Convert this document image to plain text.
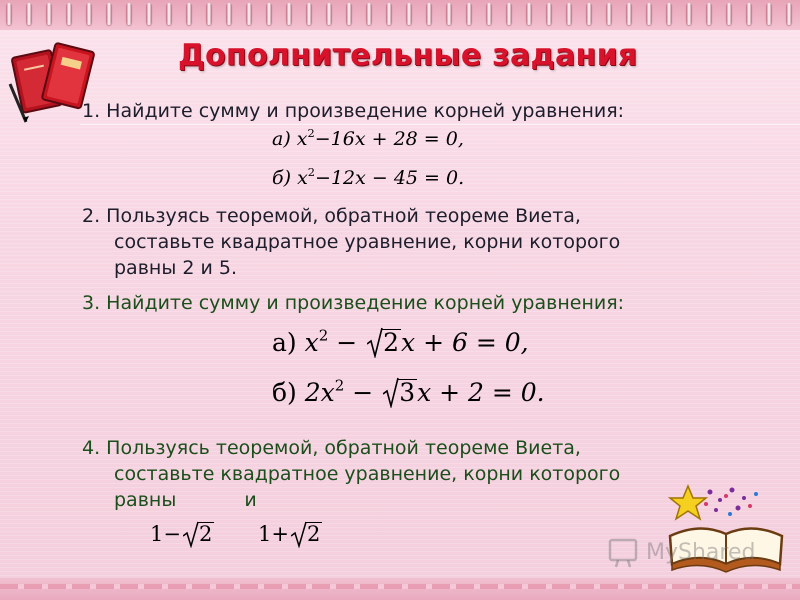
Дополнительные задания
1. Найдите сумму и произведение корней уравнения:
а) $x^2-16x + 28 = 0$,
б) $x^2-12x - 45 = 0$.
2. Пользуясь теоремой, обратной теореме Виета,
составьте квадратное уравнение, корни которого
равны 2 и 5.
3. Найдите сумму и произведение корней уравнения:
а) $x^2 - 2x + 6 = 0$,
б) $2x^2 - 3x + 2 = 0$.
4. Пользуясь теоремой, обратной теореме Виета,
составьте квадратное уравнение, корни которого
равны	и
1− 2 1+ 2
MyShared
